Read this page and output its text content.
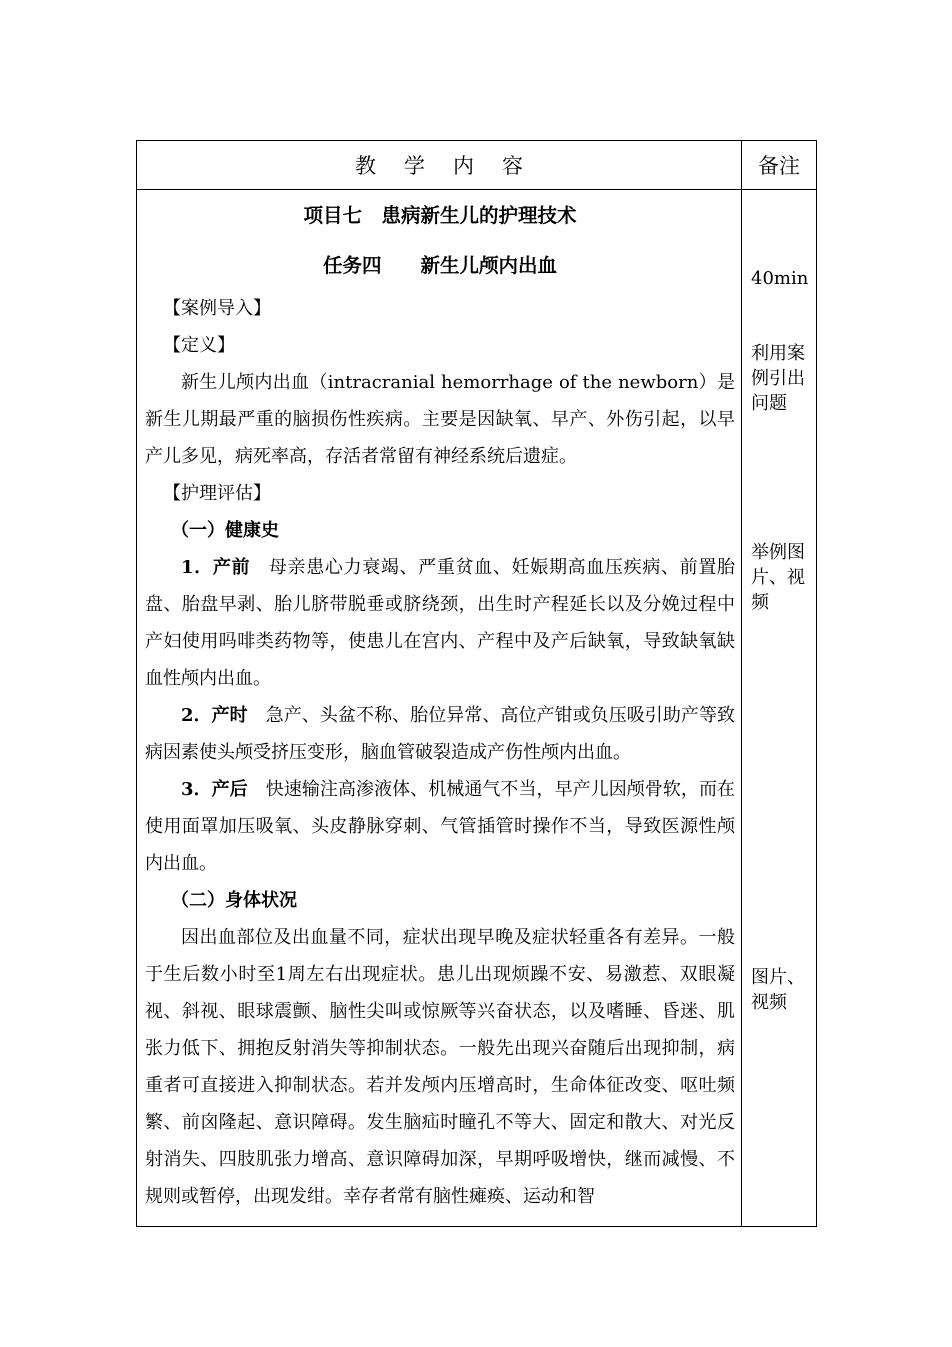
教学内容	备注

项目七　患病新生儿的护理技术

任务四　　新生儿颅内出血

【案例导入】

【定义】

新生儿颅内出血（intracranial hemorrhage of the newborn）是新生儿期最严重的脑损伤性疾病。主要是因缺氧、早产、外伤引起，以早产儿多见，病死率高，存活者常留有神经系统后遗症。

【护理评估】

（一）健康史

1．产前　母亲患心力衰竭、严重贫血、妊娠期高血压疾病、前置胎盘、胎盘早剥、胎儿脐带脱垂或脐绕颈，出生时产程延长以及分娩过程中产妇使用吗啡类药物等，使患儿在宫内、产程中及产后缺氧，导致缺氧缺血性颅内出血。

2．产时　急产、头盆不称、胎位异常、高位产钳或负压吸引助产等致病因素使头颅受挤压变形，脑血管破裂造成产伤性颅内出血。

3．产后　快速输注高渗液体、机械通气不当，早产儿因颅骨软，而在使用面罩加压吸氧、头皮静脉穿刺、气管插管时操作不当，导致医源性颅内出血。

（二）身体状况

因出血部位及出血量不同，症状出现早晚及症状轻重各有差异。一般于生后数小时至1周左右出现症状。患儿出现烦躁不安、易激惹、双眼凝视、斜视、眼球震颤、脑性尖叫或惊厥等兴奋状态，以及嗜睡、昏迷、肌张力低下、拥抱反射消失等抑制状态。一般先出现兴奋随后出现抑制，病重者可直接进入抑制状态。若并发颅内压增高时，生命体征改变、呕吐频繁、前囟隆起、意识障碍。发生脑疝时瞳孔不等大、固定和散大、对光反射消失、四肢肌张力增高、意识障碍加深，早期呼吸增快，继而减慢、不规则或暂停，出现发绀。幸存者常有脑性瘫痪、运动和智

40min
利用案例引出问题
举例图片、视频
图片、视频
